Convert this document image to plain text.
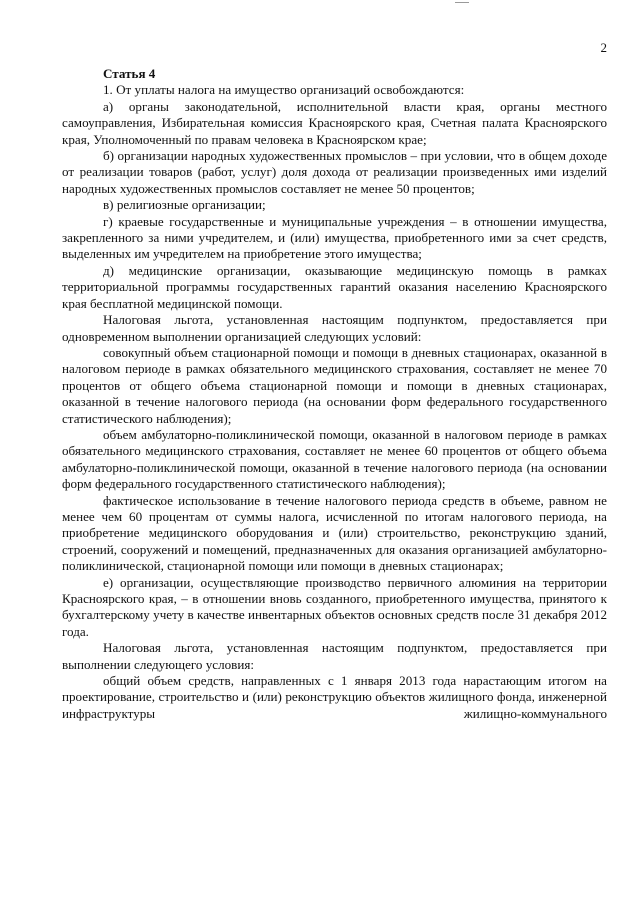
2

Статья 4

1. От уплаты налога на имущество организаций освобождаются:

а) органы законодательной, исполнительной власти края, органы местного самоуправления, Избирательная комиссия Красноярского края, Счетная палата Красноярского края, Уполномоченный по правам человека в Красноярском крае;

б) организации народных художественных промыслов – при условии, что в общем доходе от реализации товаров (работ, услуг) доля дохода от реализации произведенных ими изделий народных художественных промыслов составляет не менее 50 процентов;

в) религиозные организации;

г) краевые государственные и муниципальные учреждения – в отношении имущества, закрепленного за ними учредителем, и (или) имущества, приобретенного ими за счет средств, выделенных им учредителем на приобретение этого имущества;

д) медицинские организации, оказывающие медицинскую помощь в рамках территориальной программы государственных гарантий оказания населению Красноярского края бесплатной медицинской помощи.

Налоговая льгота, установленная настоящим подпунктом, предоставляется при одновременном выполнении организацией следующих условий:

совокупный объем стационарной помощи и помощи в дневных стационарах, оказанной в налоговом периоде в рамках обязательного медицинского страхования, составляет не менее 70 процентов от общего объема стационарной помощи и помощи в дневных стационарах, оказанной в течение налогового периода (на основании форм федерального государственного статистического наблюдения);

объем амбулаторно-поликлинической помощи, оказанной в налоговом периоде в рамках обязательного медицинского страхования, составляет не менее 60 процентов от общего объема амбулаторно-поликлинической помощи, оказанной в течение налогового периода (на основании форм федерального государственного статистического наблюдения);

фактическое использование в течение налогового периода средств в объеме, равном не менее чем 60 процентам от суммы налога, исчисленной по итогам налогового периода, на приобретение медицинского оборудования и (или) строительство, реконструкцию зданий, строений, сооружений и помещений, предназначенных для оказания организацией амбулаторно-поликлинической, стационарной помощи или помощи в дневных стационарах;

е) организации, осуществляющие производство первичного алюминия на территории Красноярского края, – в отношении вновь созданного, приобретенного имущества, принятого к бухгалтерскому учету в качестве инвентарных объектов основных средств после 31 декабря 2012 года.

Налоговая льгота, установленная настоящим подпунктом, предоставляется при выполнении следующего условия:

общий объем средств, направленных с 1 января 2013 года нарастающим итогом на проектирование, строительство и (или) реконструкцию объектов жилищного фонда, инженерной инфраструктуры жилищно-коммунального
